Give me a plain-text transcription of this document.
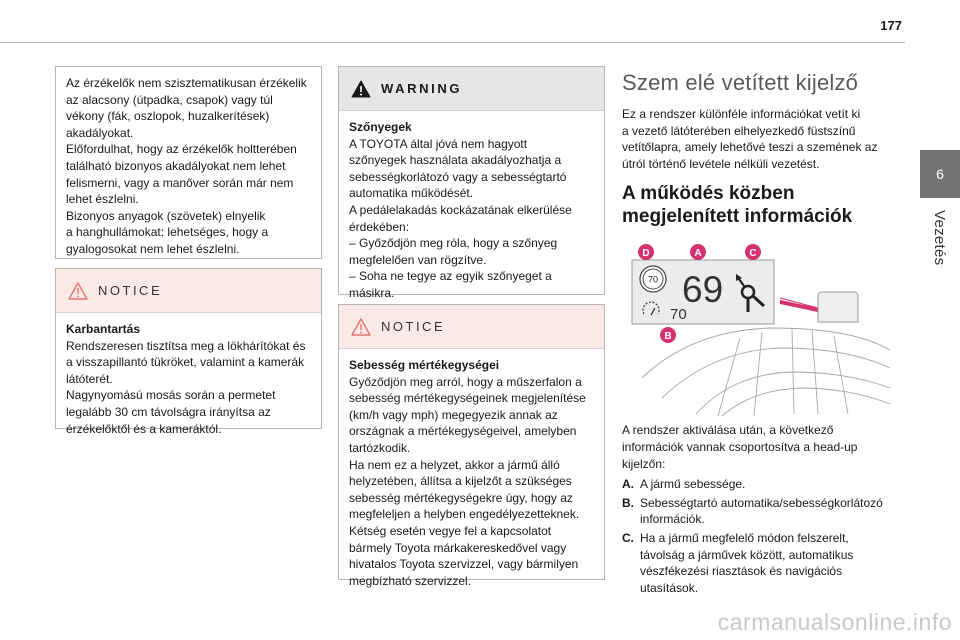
177
6
Vezetés

Az érzékelők nem szisztematikusan érzékelik
az alacsony (útpadka, csapok) vagy túl
vékony (fák, oszlopok, huzalkerítések)
akadályokat.
Előfordulhat, hogy az érzékelők holtterében
található bizonyos akadályokat nem lehet
felismerni, vagy a manőver során már nem
lehet észlelni.
Bizonyos anyagok (szövetek) elnyelik
a hanghullámokat: lehetséges, hogy a
gyalogosokat nem lehet észlelni.

NOTICE

Karbantartás

Rendszeresen tisztítsa meg a lökhárítókat és
a visszapillantó tükröket, valamint a kamerák
látóterét.
Nagynyomású mosás során a permetet
legalább 30 cm távolságra irányítsa az
érzékelőktől és a kameráktól.

WARNING

Szőnyegek

A TOYOTA által jóvá nem hagyott
szőnyegek használata akadályozhatja a
sebességkorlátozó vagy a sebességtartó
automatika működését.
A pedálelakadás kockázatának elkerülése
érdekében:
– Győződjön meg róla, hogy a szőnyeg
megfelelően van rögzítve.
– Soha ne tegye az egyik szőnyeget a
másikra.

NOTICE

Sebesség mértékegységei

Győződjön meg arról, hogy a műszerfalon a
sebesség mértékegységeinek megjelenítése
(km/h vagy mph) megegyezik annak az
országnak a mértékegységeivel, amelyben
tartózkodik.
Ha nem ez a helyzet, akkor a jármű álló
helyzetében, állítsa a kijelzőt a szükséges
sebesség mértékegységekre úgy, hogy az
megfeleljen a helyben engedélyezetteknek.
Kétség esetén vegye fel a kapcsolatot
bármely Toyota márkakereskedővel vagy
hivatalos Toyota szervizzel, vagy bármilyen
megbízható szervizzel.

Szem elé vetített kijelző

Ez a rendszer különféle információkat vetít ki
a vezető látóterében elhelyezkedő füstszínű
vetítőlapra, amely lehetővé teszi a szemének az
útról történő levétele nélküli vezetést.

A működés közben
megjelenített információk
70 69
70
D	A	C
B

A rendszer aktiválása után, a következő
információk vannak csoportosítva a head-up
kijelzőn:

A. A jármű sebessége.
B. Sebességtartó automatika/sebességkorlátozó
információk.
C. Ha a jármű megfelelő módon felszerelt,
távolság a járművek között, automatikus
vészfékezési riasztások és navigációs
utasítások.
carmanualsonline.info
